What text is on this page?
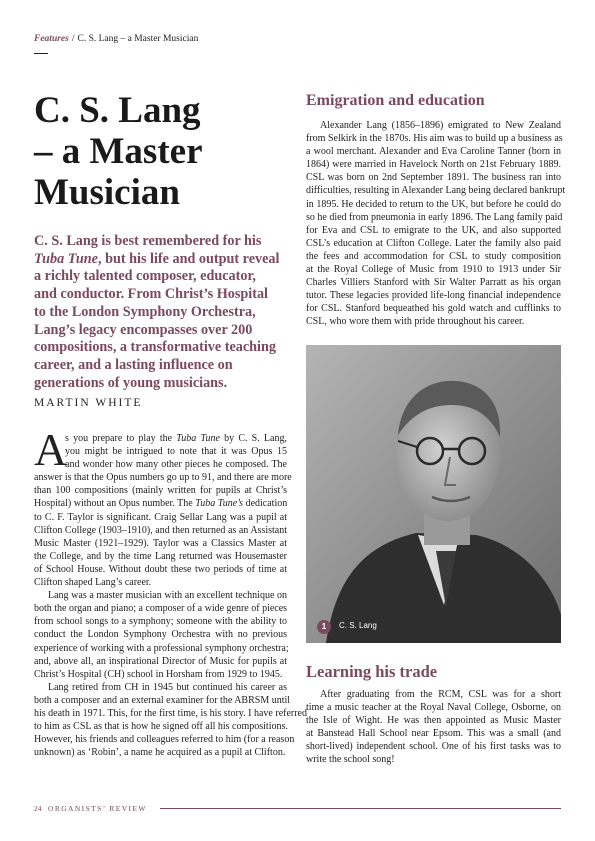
Features / C. S. Lang – a Master Musician
C. S. Lang
– a Master
Musician
C. S. Lang is best remembered for his
Tuba Tune, but his life and output reveal
a richly talented composer, educator,
and conductor. From Christ’s Hospital
to the London Symphony Orchestra,
Lang’s legacy encompasses over 200
compositions, a transformative teaching
career, and a lasting influence on
generations of young musicians.
MARTIN WHITE
A
s you prepare to play the Tuba Tune by C. S. Lang,
you might be intrigued to note that it was Opus 15
and wonder how many other pieces he composed. The
answer is that the Opus numbers go up to 91, and there are more
than 100 compositions (mainly written for pupils at Christ’s
Hospital) without an Opus number. The Tuba Tune’s dedication
to C. F. Taylor is significant. Craig Sellar Lang was a pupil at
Clifton College (1903–1910), and then returned as an Assistant
Music Master (1921–1929). Taylor was a Classics Master at
the College, and by the time Lang returned was Housemaster
of School House. Without doubt these two periods of time at
Clifton shaped Lang’s career.
Lang was a master musician with an excellent technique on
both the organ and piano; a composer of a wide genre of pieces
from school songs to a symphony; someone with the ability to
conduct the London Symphony Orchestra with no previous
experience of working with a professional symphony orchestra;
and, above all, an inspirational Director of Music for pupils at
Christ’s Hospital (CH) school in Horsham from 1929 to 1945.
Lang retired from CH in 1945 but continued his career as
both a composer and an external examiner for the ABRSM until
his death in 1971. This, for the first time, is his story. I have referred
to him as CSL as that is how he signed off all his compositions.
However, his friends and colleagues referred to him (for a reason
unknown) as ‘Robin’, a name he acquired as a pupil at Clifton.
Emigration and education
Alexander Lang (1856–1896) emigrated to New Zealand
from Selkirk in the 1870s. His aim was to build up a business as
a wool merchant. Alexander and Eva Caroline Tanner (born in
1864) were married in Havelock North on 21st February 1889.
CSL was born on 2nd September 1891. The business ran into
difficulties, resulting in Alexander Lang being declared bankrupt
in 1895. He decided to return to the UK, but before he could do
so he died from pneumonia in early 1896. The Lang family paid
for Eva and CSL to emigrate to the UK, and also supported
CSL’s education at Clifton College. Later the family also paid
the fees and accommodation for CSL to study composition
at the Royal College of Music from 1910 to 1913 under Sir
Charles Villiers Stanford with Sir Walter Parratt as his organ
tutor. These legacies provided life-long financial independence
for CSL. Stanford bequeathed his gold watch and cufflinks to
CSL, who wore them with pride throughout his career.
1	C. S. Lang
Learning his trade
After graduating from the RCM, CSL was for a short
time a music teacher at the Royal Naval College, Osborne, on
the Isle of Wight. He was then appointed as Music Master
at Banstead Hall School near Epsom. This was a small (and
short-lived) independent school. One of his first tasks was to
write the school song!
24 ORGANISTS’ REVIEW
